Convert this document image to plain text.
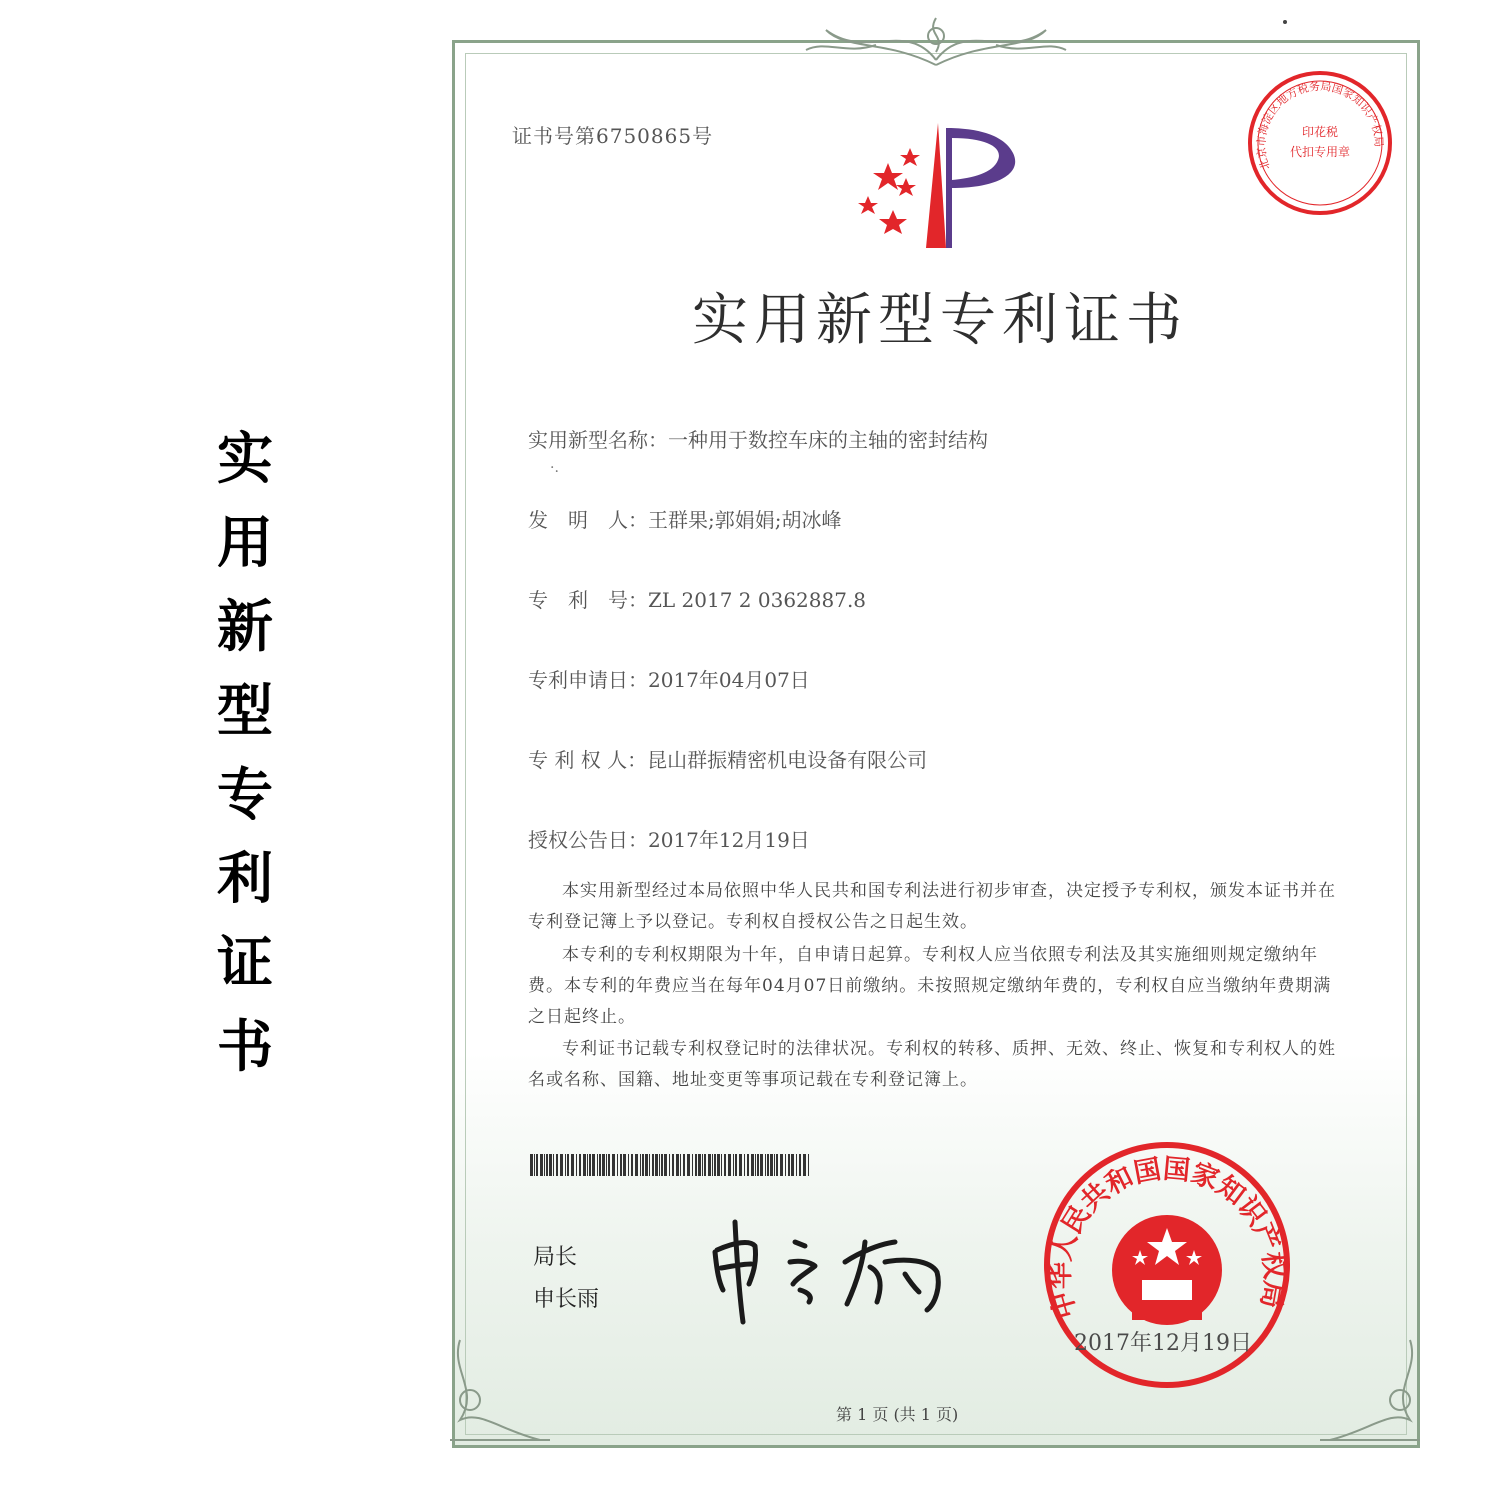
实
用
新
型
专
利
证
书
证书号第6750865号
实用新型专利证书
北京市海淀区地方税务局国家知识产权局
印花税
代扣专用章
实用新型名称：一种用于数控车床的主轴的密封结构
发　明　人：王群果;郭娟娟;胡冰峰
专　利　号：ZL 2017 2 0362887.8
专利申请日：2017年04月07日
专 利 权 人：昆山群振精密机电设备有限公司
授权公告日：2017年12月19日
·.
本实用新型经过本局依照中华人民共和国专利法进行初步审查，决定授予专利权，颁发本证书并在专利登记簿上予以登记。专利权自授权公告之日起生效。
本专利的专利权期限为十年，自申请日起算。专利权人应当依照专利法及其实施细则规定缴纳年费。本专利的年费应当在每年04月07日前缴纳。未按照规定缴纳年费的，专利权自应当缴纳年费期满之日起终止。
专利证书记载专利权登记时的法律状况。专利权的转移、质押、无效、终止、恢复和专利权人的姓名或名称、国籍、地址变更等事项记载在专利登记簿上。
局长
申长雨	中华人民共和国国家知识产权局
2017年12月19日
第 1 页 (共 1 页)
